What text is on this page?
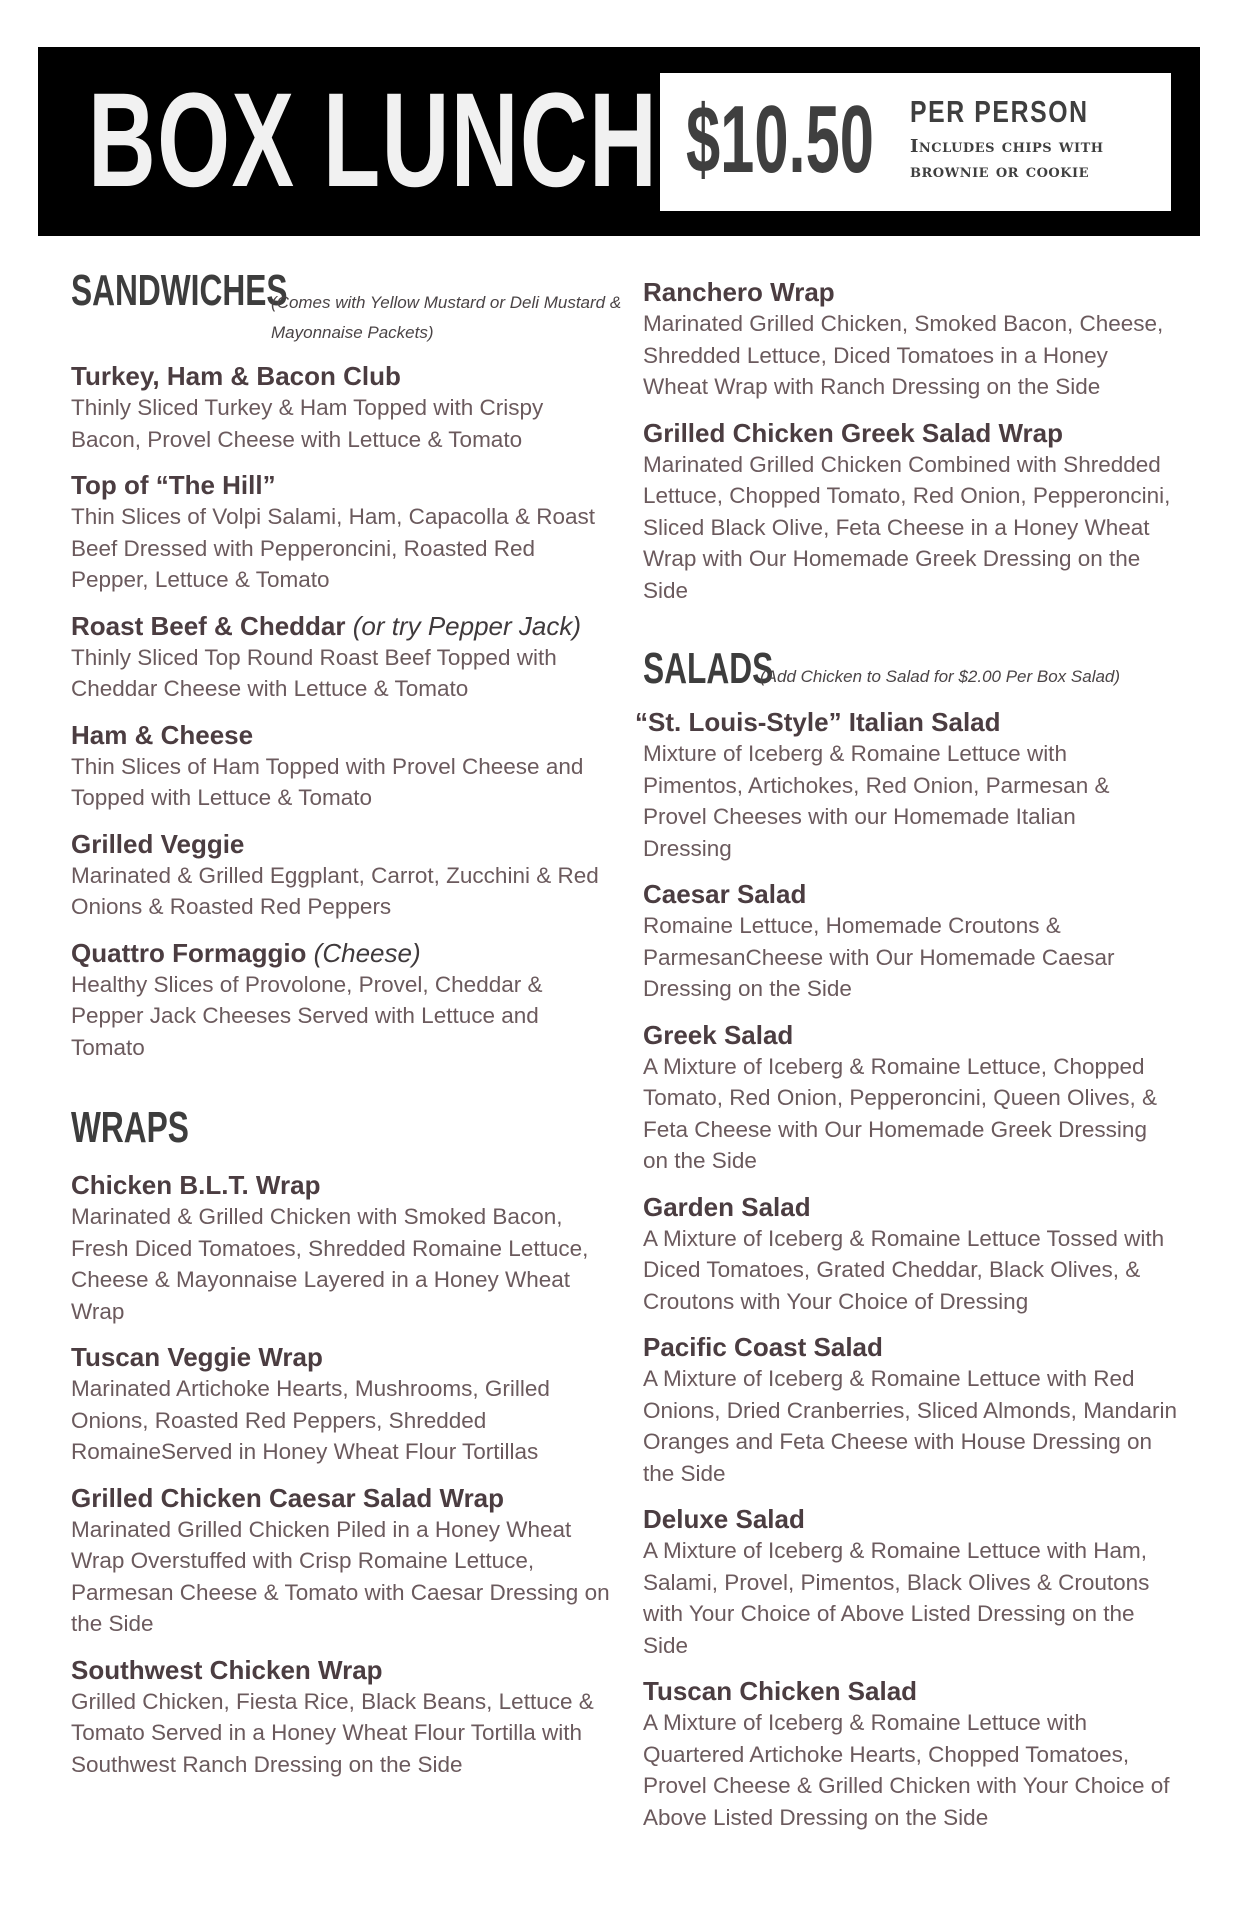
BOX LUNCH $10.50 PER PERSON
Includes chips with brownie or cookie
SANDWICHES
(Comes with Yellow Mustard or Deli Mustard & Mayonnaise Packets)
Turkey, Ham & Bacon Club
Thinly Sliced Turkey & Ham Topped with Crispy Bacon, Provel Cheese with Lettuce & Tomato
Top of “The Hill”
Thin Slices of Volpi Salami, Ham, Capacolla & Roast Beef Dressed with Pepperoncini, Roasted Red Pepper, Lettuce & Tomato
Roast Beef & Cheddar (or try Pepper Jack)
Thinly Sliced Top Round Roast Beef Topped with Cheddar Cheese with Lettuce & Tomato
Ham & Cheese
Thin Slices of Ham Topped with Provel Cheese and Topped with Lettuce & Tomato
Grilled Veggie
Marinated & Grilled Eggplant, Carrot, Zucchini & Red Onions & Roasted Red Peppers
Quattro Formaggio (Cheese)
Healthy Slices of Provolone, Provel, Cheddar & Pepper Jack Cheeses Served with Lettuce and Tomato
WRAPS
Chicken B.L.T. Wrap
Marinated & Grilled Chicken with Smoked Bacon, Fresh Diced Tomatoes, Shredded Romaine Lettuce, Cheese & Mayonnaise Layered in a Honey Wheat Wrap
Tuscan Veggie Wrap
Marinated Artichoke Hearts, Mushrooms, Grilled Onions, Roasted Red Peppers, Shredded RomaineServed in Honey Wheat Flour Tortillas
Grilled Chicken Caesar Salad Wrap
Marinated Grilled Chicken Piled in a Honey Wheat Wrap Overstuffed with Crisp Romaine Lettuce, Parmesan Cheese & Tomato with Caesar Dressing on the Side
Southwest Chicken Wrap
Grilled Chicken, Fiesta Rice, Black Beans, Lettuce & Tomato Served in a Honey Wheat Flour Tortilla with Southwest Ranch Dressing on the Side
Ranchero Wrap
Marinated Grilled Chicken, Smoked Bacon, Cheese, Shredded Lettuce, Diced Tomatoes in a Honey Wheat Wrap with Ranch Dressing on the Side
Grilled Chicken Greek Salad Wrap
Marinated Grilled Chicken Combined with Shredded Lettuce, Chopped Tomato, Red Onion, Pepperoncini, Sliced Black Olive, Feta Cheese in a Honey Wheat Wrap with Our Homemade Greek Dressing on the Side
SALADS
(Add Chicken to Salad for $2.00 Per Box Salad)
“St. Louis-Style” Italian Salad
Mixture of Iceberg & Romaine Lettuce with Pimentos, Artichokes, Red Onion, Parmesan & Provel Cheeses with our Homemade Italian Dressing
Caesar Salad
Romaine Lettuce, Homemade Croutons & ParmesanCheese with Our Homemade Caesar Dressing on the Side
Greek Salad
A Mixture of Iceberg & Romaine Lettuce, Chopped Tomato, Red Onion, Pepperoncini, Queen Olives, & Feta Cheese with Our Homemade Greek Dressing on the Side
Garden Salad
A Mixture of Iceberg & Romaine Lettuce Tossed with Diced Tomatoes, Grated Cheddar, Black Olives, & Croutons with Your Choice of Dressing
Pacific Coast Salad
A Mixture of Iceberg & Romaine Lettuce with Red Onions, Dried Cranberries, Sliced Almonds, Mandarin Oranges and Feta Cheese with House Dressing on the Side
Deluxe Salad
A Mixture of Iceberg & Romaine Lettuce with Ham, Salami, Provel, Pimentos, Black Olives & Croutons with Your Choice of Above Listed Dressing on the Side
Tuscan Chicken Salad
A Mixture of Iceberg & Romaine Lettuce with Quartered Artichoke Hearts, Chopped Tomatoes, Provel Cheese & Grilled Chicken with Your Choice of Above Listed Dressing on the Side
